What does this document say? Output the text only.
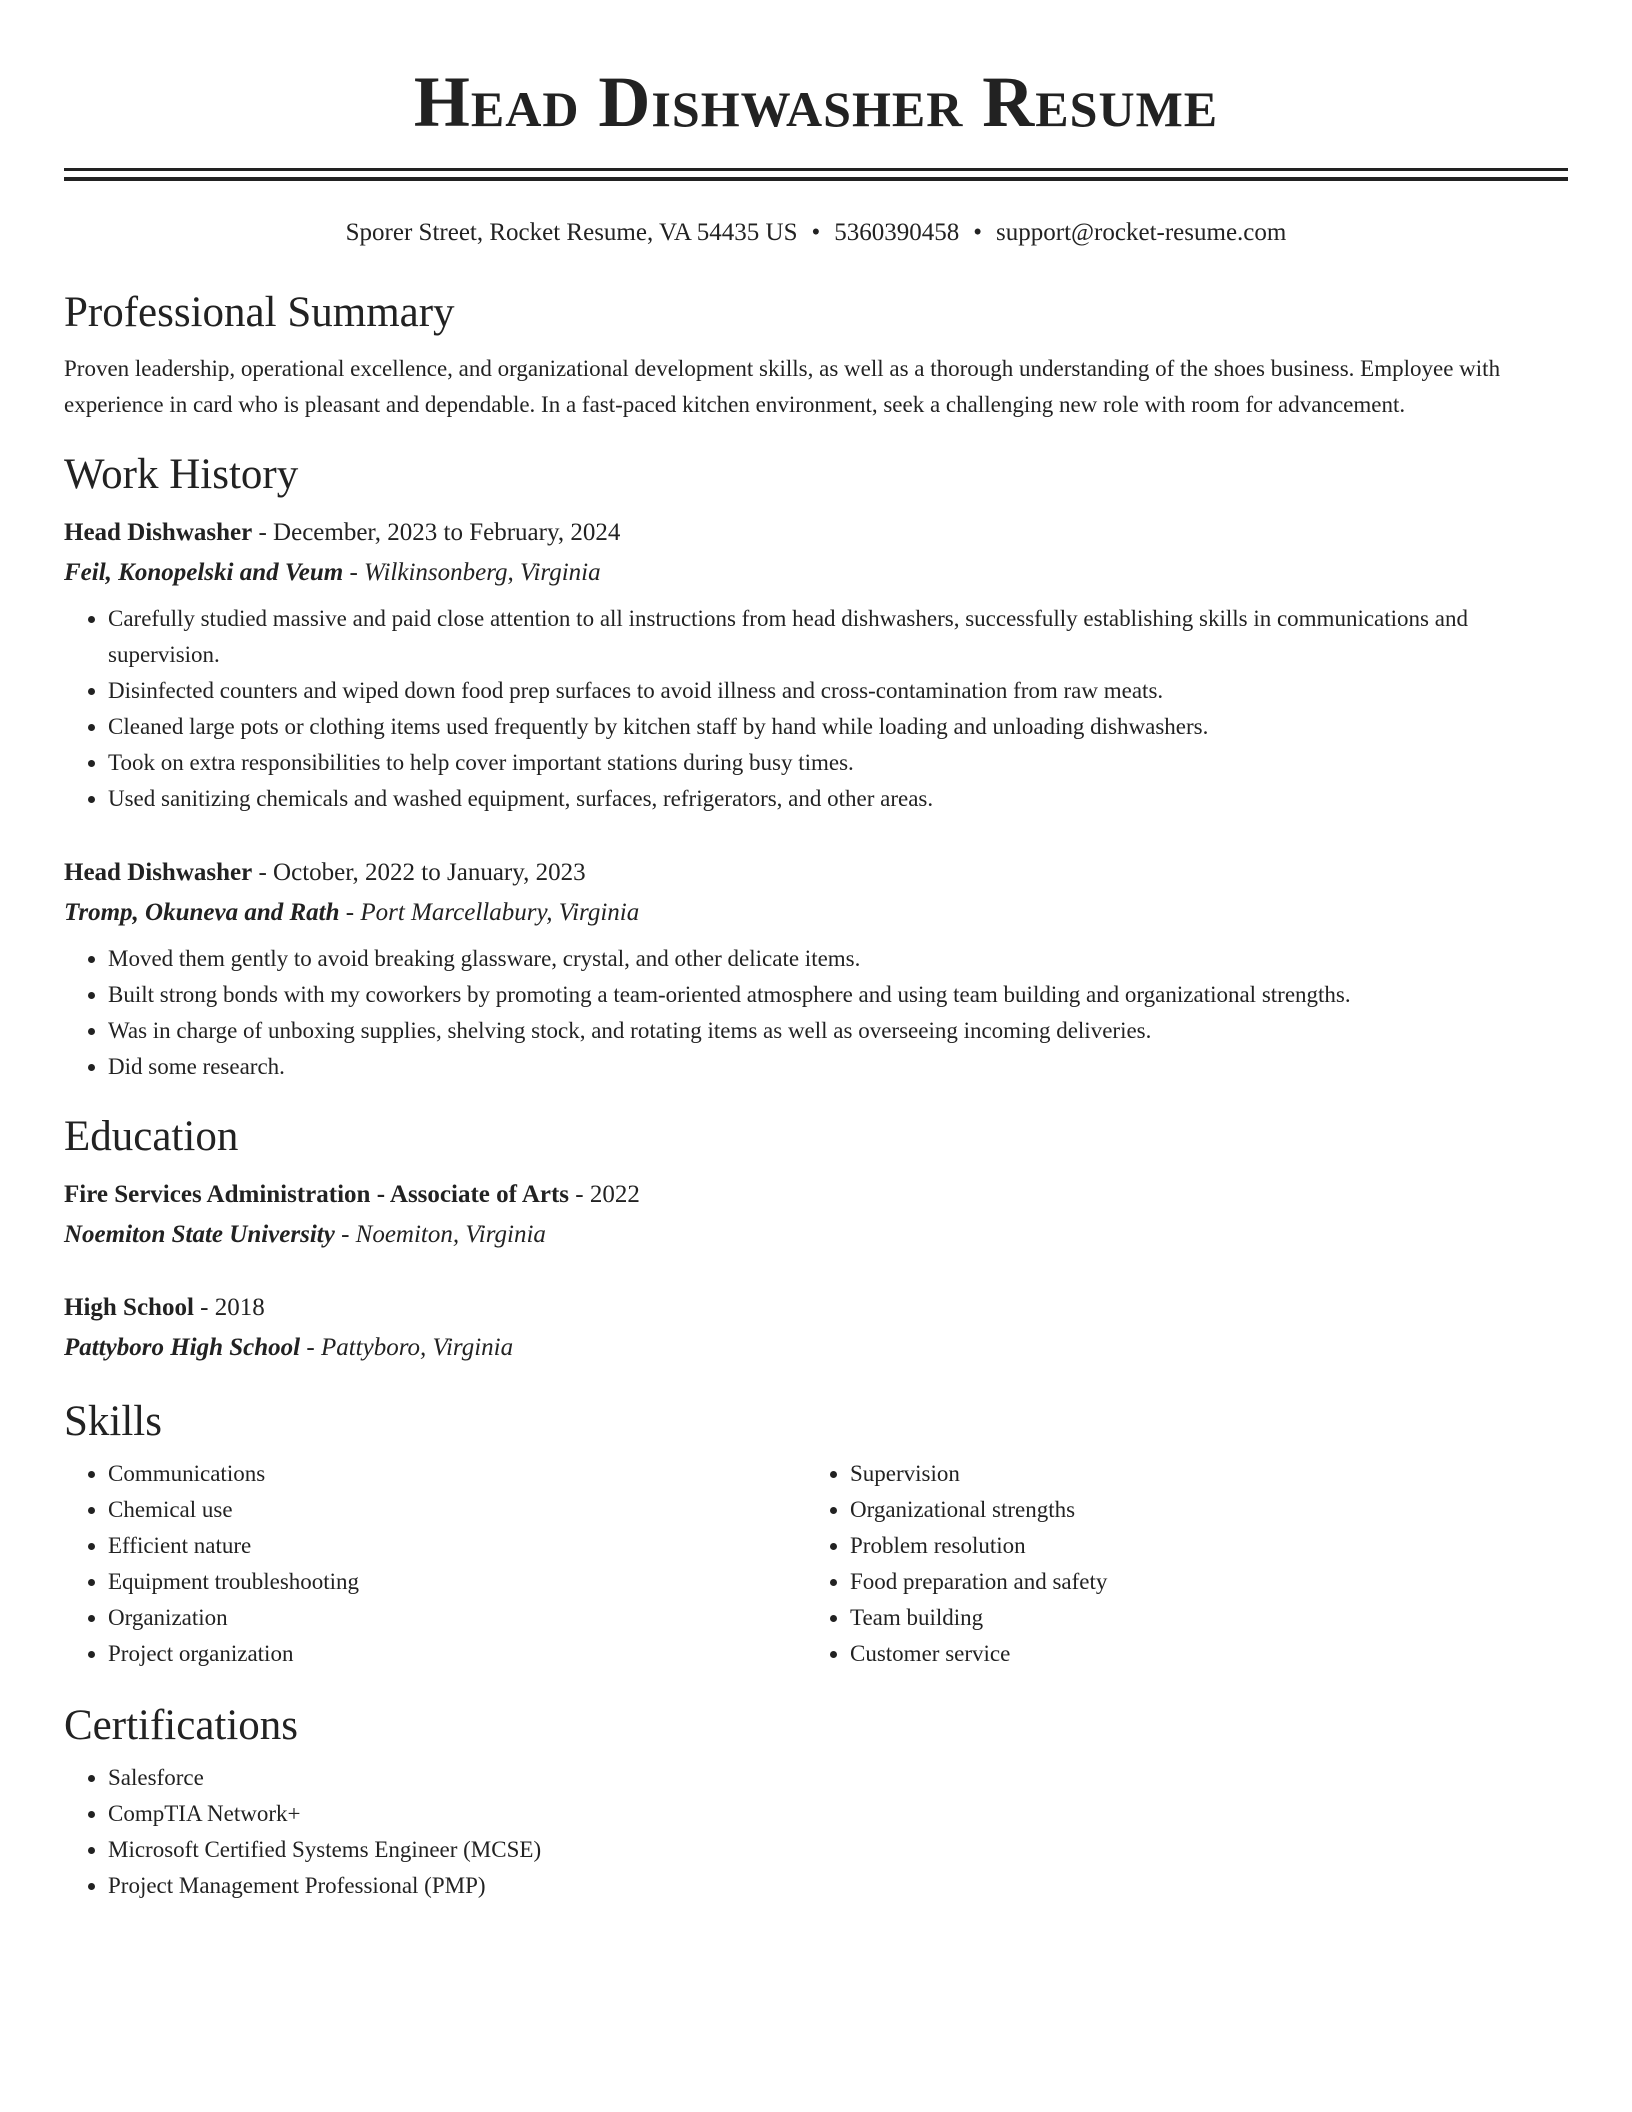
Head Dishwasher Resume
Sporer Street, Rocket Resume, VA 54435 US • 5360390458 • support@rocket-resume.com
Professional Summary

Proven leadership, operational excellence, and organizational development skills, as well as a thorough understanding of the shoes business. Employee with experience in card who is pleasant and dependable. In a fast-paced kitchen environment, seek a challenging new role with room for advancement.

Work History
Head Dishwasher - December, 2023 to February, 2024
Feil, Konopelski and Veum - Wilkinsonberg, Virginia
• Carefully studied massive and paid close attention to all instructions from head dishwashers, successfully establishing skills in communications and supervision.
• Disinfected counters and wiped down food prep surfaces to avoid illness and cross-contamination from raw meats.
• Cleaned large pots or clothing items used frequently by kitchen staff by hand while loading and unloading dishwashers.
• Took on extra responsibilities to help cover important stations during busy times.
• Used sanitizing chemicals and washed equipment, surfaces, refrigerators, and other areas.
Head Dishwasher - October, 2022 to January, 2023
Tromp, Okuneva and Rath - Port Marcellabury, Virginia
• Moved them gently to avoid breaking glassware, crystal, and other delicate items.
• Built strong bonds with my coworkers by promoting a team-oriented atmosphere and using team building and organizational strengths.
• Was in charge of unboxing supplies, shelving stock, and rotating items as well as overseeing incoming deliveries.
• Did some research.
Education
Fire Services Administration - Associate of Arts - 2022
Noemiton State University - Noemiton, Virginia
High School - 2018
Pattyboro High School - Pattyboro, Virginia
Skills
• Communications
• Chemical use
• Efficient nature
• Equipment troubleshooting
• Organization
• Project organization
• Supervision
• Organizational strengths
• Problem resolution
• Food preparation and safety
• Team building
• Customer service
Certifications
• Salesforce
• CompTIA Network+
• Microsoft Certified Systems Engineer (MCSE)
• Project Management Professional (PMP)
